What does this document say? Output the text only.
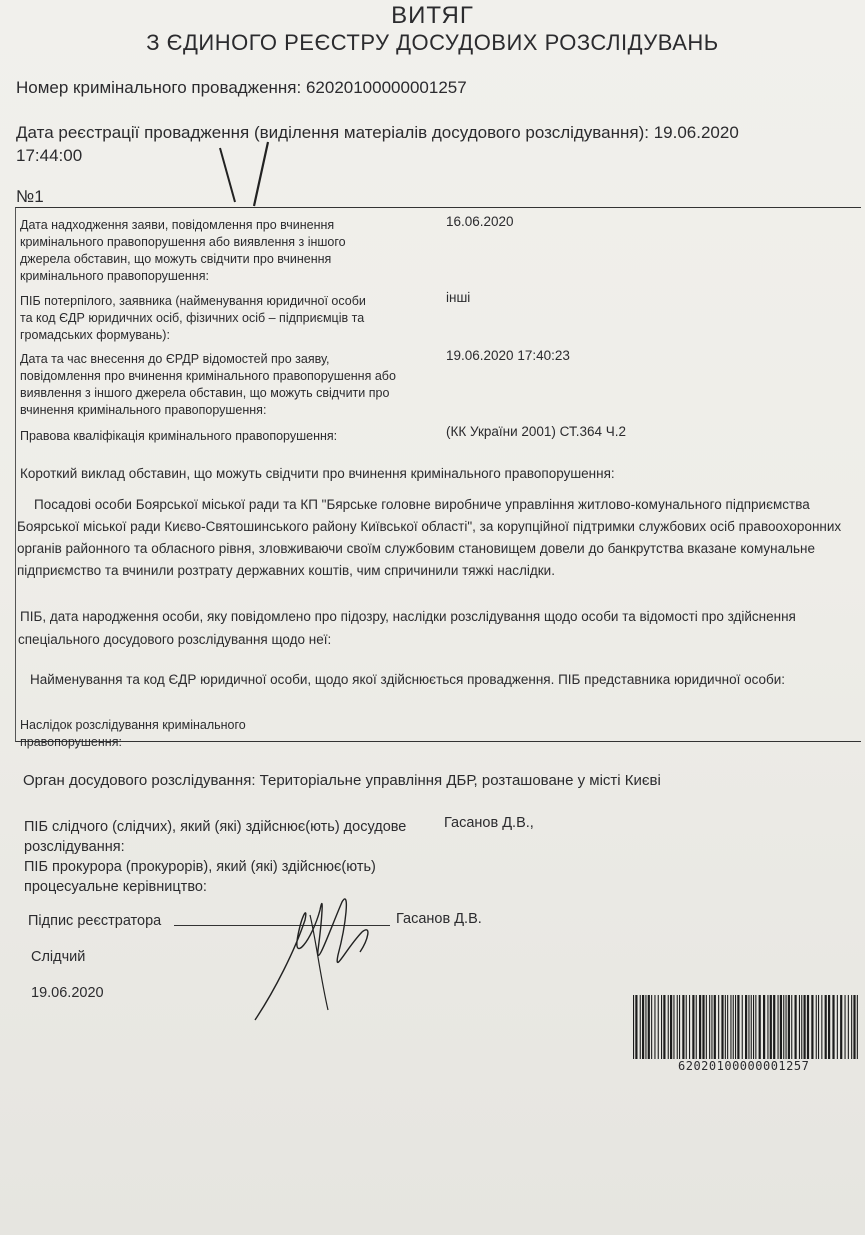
ВИТЯГ
З ЄДИНОГО РЕЄСТРУ ДОСУДОВИХ РОЗСЛІДУВАНЬ
Номер кримінального провадження: 62020100000001257
Дата реєстрації провадження (виділення матеріалів досудового розслідування): 19.06.2020
17:44:00
№1
Дата надходження заяви, повідомлення про вчинення
кримінального правопорушення або виявлення з іншого
джерела обставин, що можуть свідчити про вчинення
кримінального правопорушення:
16.06.2020
ПІБ потерпілого, заявника (найменування юридичної особи
та код ЄДР юридичних осіб, фізичних осіб – підприємців та
громадських формувань):
інші
Дата та час внесення до ЄРДР відомостей про заяву,
повідомлення про вчинення кримінального правопорушення або
виявлення з іншого джерела обставин, що можуть свідчити про
вчинення кримінального правопорушення:
19.06.2020 17:40:23
Правова кваліфікація кримінального правопорушення:	(КК України 2001) СТ.364 Ч.2
Короткий виклад обставин, що можуть свідчити про вчинення кримінального правопорушення:
Посадові особи Боярської міської ради та КП "Бярське головне виробниче управління житлово-комунального підприємства
Боярської міської ради Києво-Святошинського району Київської області", за корупційної підтримки службових осіб правоохоронних
органів районного та обласного рівня, зловживаючи своїм службовим становищем довели до банкрутства вказане комунальне
підприємство та вчинили розтрату державних коштів, чим спричинили тяжкі наслідки.
ПІБ, дата народження особи, яку повідомлено про підозру, наслідки розслідування щодо особи та відомості про здійснення
спеціального досудового розслідування щодо неї:
Найменування та код ЄДР юридичної особи, щодо якої здійснюється провадження. ПІБ представника юридичної особи:
Наслідок розслідування кримінального
правопорушення:
Орган досудового розслідування: Територіальне управління ДБР, розташоване у місті Києві
ПІБ слідчого (слідчих), який (які) здійснює(ють) досудове
розслідування:
Гасанов Д.В.,
ПІБ прокурора (прокурорів), який (які) здійснює(ють)
процесуальне керівництво:
Підпис реєстратора	Гасанов Д.В.
Слідчий
19.06.2020
62020100000001257
